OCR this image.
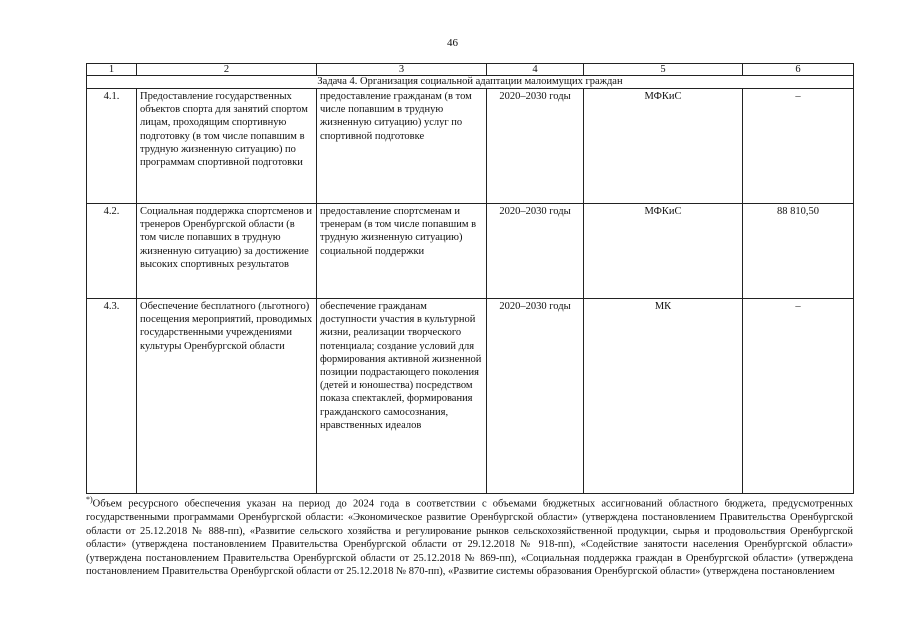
46
1	2	3	4	5	6
Задача 4. Организация социальной адаптации малоимущих граждан					
4.1.	Предоставление государственных объектов спорта для занятий спортом лицам, проходящим спортивную подготовку (в том числе попавшим в трудную жизненную ситуацию) по программам спортивной подготовки	предоставление гражданам (в том числе попавшим в трудную жизненную ситуацию) услуг по спортивной подготовке	2020–2030 годы	МФКиС	–
4.2.	Социальная поддержка спортсменов и тренеров Оренбургской области (в том числе попавших в трудную жизненную ситуацию) за достижение высоких спортивных результатов	предоставление спортсменам и тренерам (в том числе попавшим в трудную жизненную ситуацию) социальной поддержки	2020–2030 годы	МФКиС	88 810,50
4.3.	Обеспечение бесплатного (льготного) посещения мероприятий, проводимых государственными учреждениями культуры Оренбургской области	обеспечение гражданам доступности участия в культурной жизни, реализации творческого потенциала; создание условий для формирования активной жизненной позиции подрастающего поколения (детей и юношества) посредством показа спектаклей, формирования гражданского самосознания, нравственных идеалов	2020–2030 годы	МК	–
*)Объем ресурсного обеспечения указан на период до 2024 года в соответствии с объемами бюджетных ассигнований областного бюджета, предусмотренных государственными программами Оренбургской области: «Экономическое развитие Оренбургской области» (утверждена постановлением Правительства Оренбургской области от 25.12.2018 № 888-пп), «Развитие сельского хозяйства и регулирование рынков сельскохозяйственной продукции, сырья и продовольствия Оренбургской области» (утверждена постановлением Правительства Оренбургской области от 29.12.2018 № 918-пп), «Содействие занятости населения Оренбургской области» (утверждена постановлением Правительства Оренбургской области от 25.12.2018 № 869-пп), «Социальная поддержка граждан в Оренбургской области» (утверждена постановлением Правительства Оренбургской области от 25.12.2018 № 870-пп), «Развитие системы образования Оренбургской области» (утверждена постановлением
